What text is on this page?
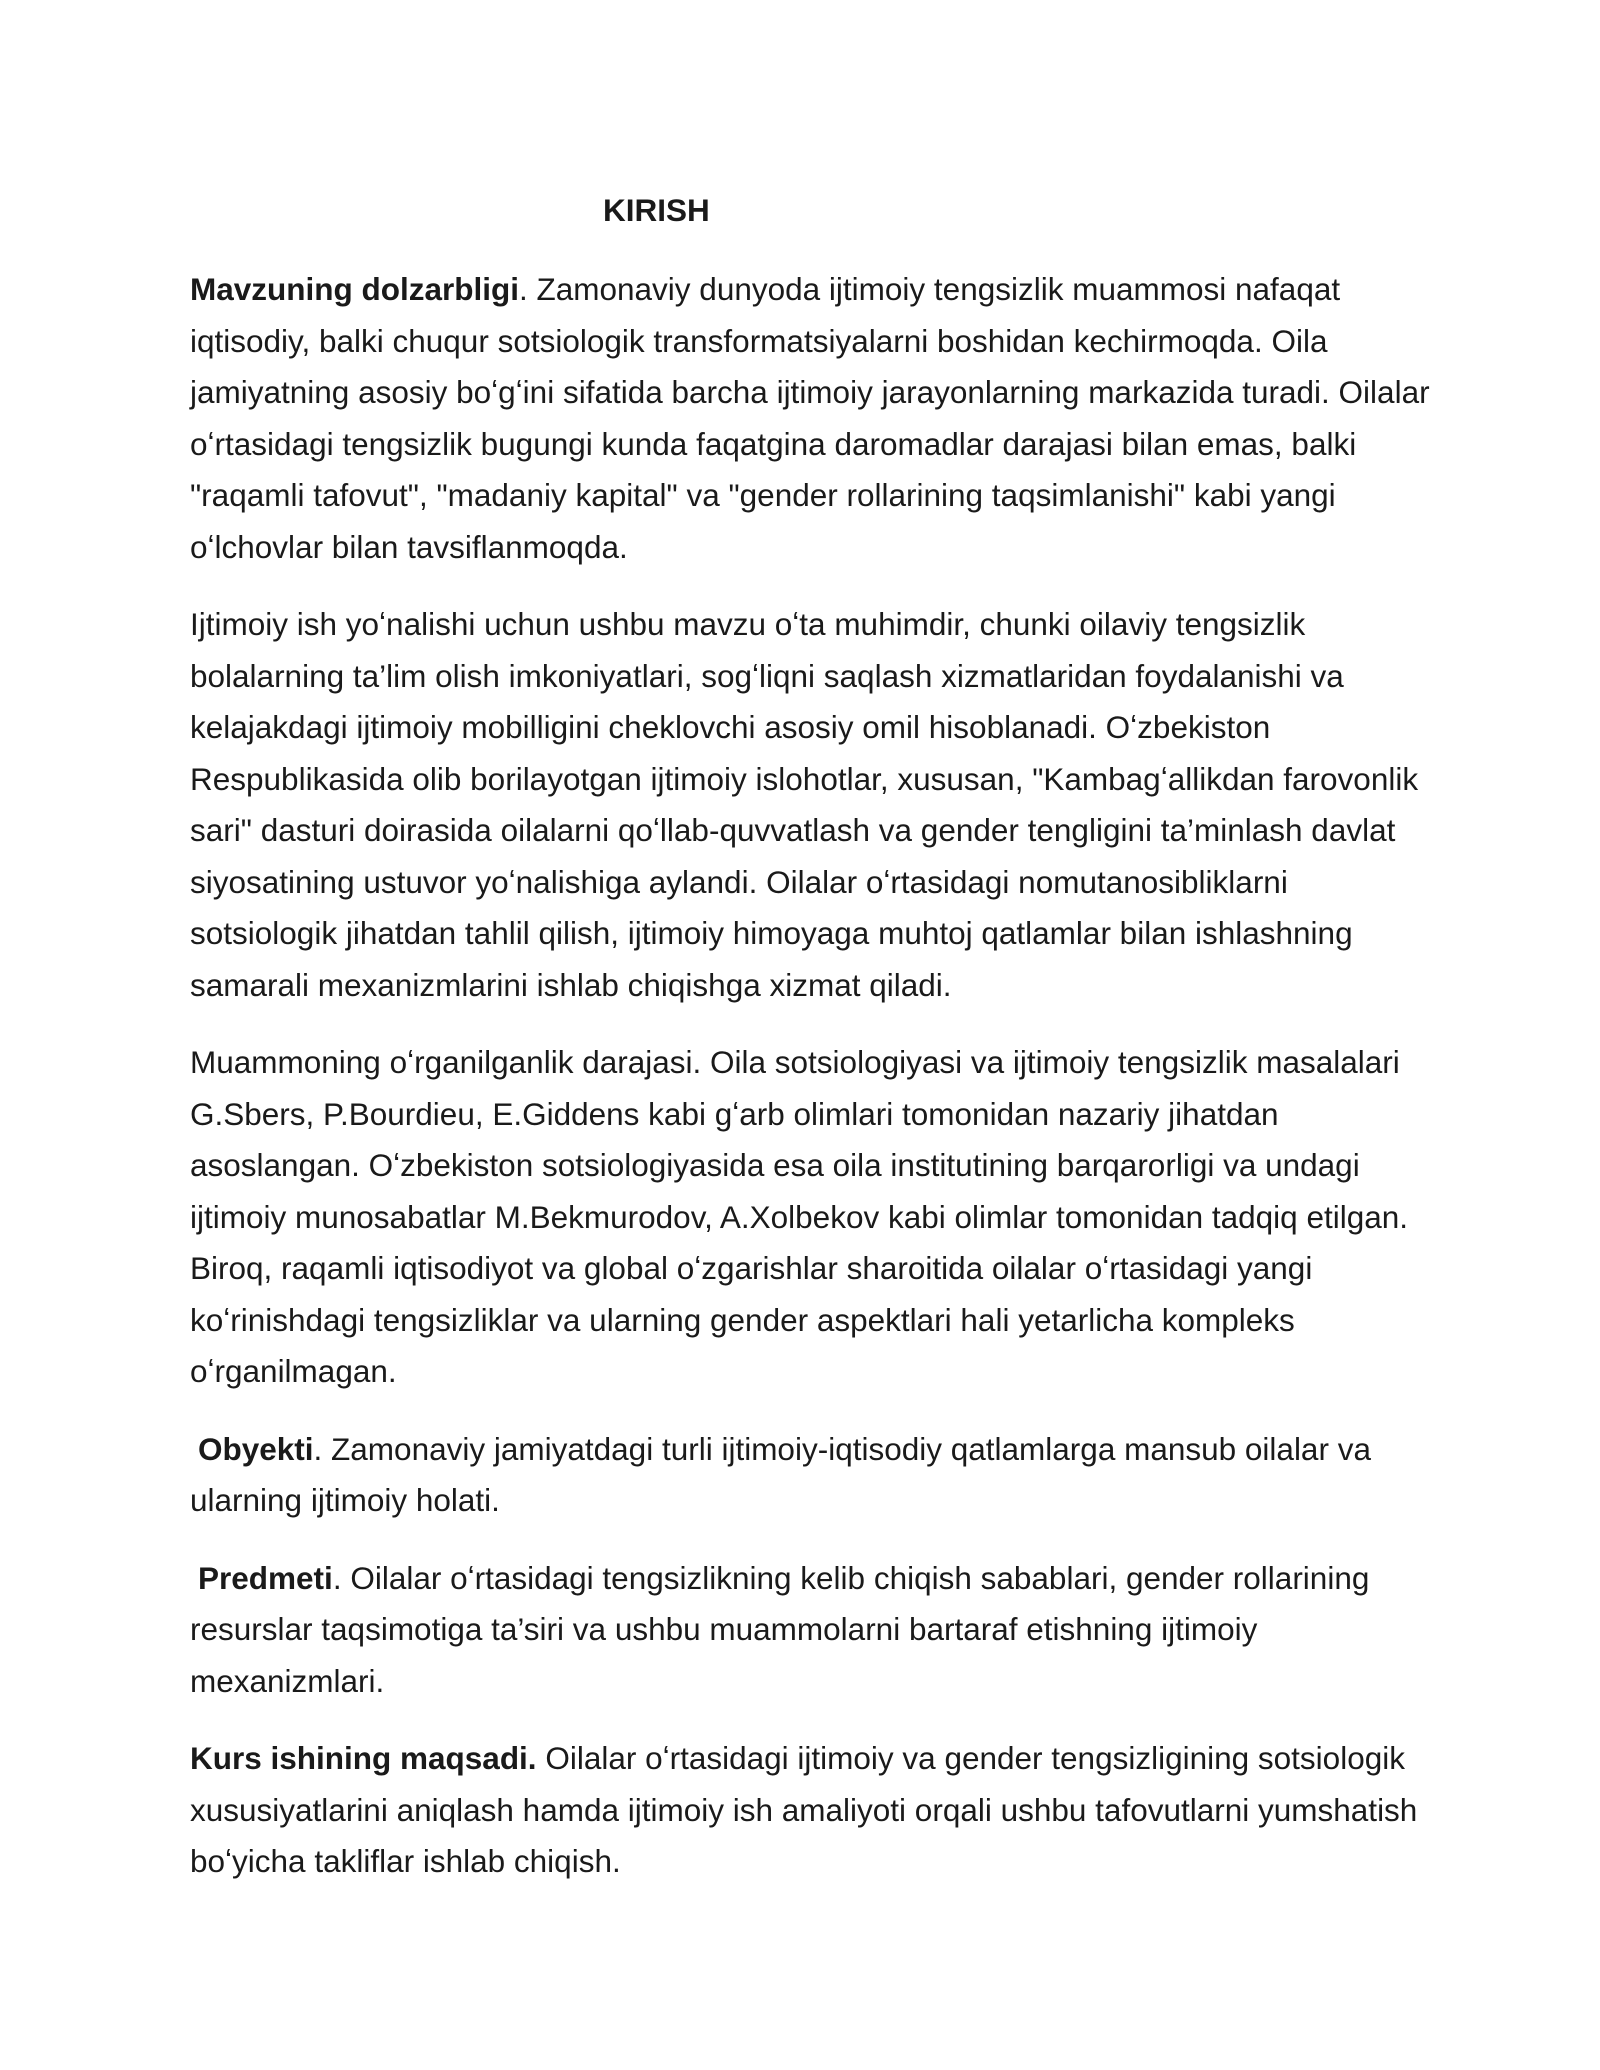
KIRISH

Mavzuning dolzarbligi. Zamonaviy dunyoda ijtimoiy tengsizlik muammosi nafaqat iqtisodiy, balki chuqur sotsiologik transformatsiyalarni boshidan kechirmoqda. Oila jamiyatning asosiy boʻgʻini sifatida barcha ijtimoiy jarayonlarning markazida turadi. Oilalar oʻrtasidagi tengsizlik bugungi kunda faqatgina daromadlar darajasi bilan emas, balki "raqamli tafovut", "madaniy kapital" va "gender rollarining taqsimlanishi" kabi yangi oʻlchovlar bilan tavsiflanmoqda.

Ijtimoiy ish yoʻnalishi uchun ushbu mavzu oʻta muhimdir, chunki oilaviy tengsizlik bolalarning ta’lim olish imkoniyatlari, sogʻliqni saqlash xizmatlaridan foydalanishi va kelajakdagi ijtimoiy mobilligini cheklovchi asosiy omil hisoblanadi. Oʻzbekiston Respublikasida olib borilayotgan ijtimoiy islohotlar, xususan, "Kambagʻallikdan farovonlik sari" dasturi doirasida oilalarni qoʻllab-quvvatlash va gender tengligini ta’minlash davlat siyosatining ustuvor yoʻnalishiga aylandi. Oilalar oʻrtasidagi nomutanosibliklarni sotsiologik jihatdan tahlil qilish, ijtimoiy himoyaga muhtoj qatlamlar bilan ishlashning samarali mexanizmlarini ishlab chiqishga xizmat qiladi.

Muammoning oʻrganilganlik darajasi. Oila sotsiologiyasi va ijtimoiy tengsizlik masalalari G.Sbers, P.Bourdieu, E.Giddens kabi gʻarb olimlari tomonidan nazariy jihatdan asoslangan. Oʻzbekiston sotsiologiyasida esa oila institutining barqarorligi va undagi ijtimoiy munosabatlar M.Bekmurodov, A.Xolbekov kabi olimlar tomonidan tadqiq etilgan. Biroq, raqamli iqtisodiyot va global oʻzgarishlar sharoitida oilalar oʻrtasidagi yangi koʻrinishdagi tengsizliklar va ularning gender aspektlari hali yetarlicha kompleks oʻrganilmagan.

Obyekti. Zamonaviy jamiyatdagi turli ijtimoiy-iqtisodiy qatlamlarga mansub oilalar va ularning ijtimoiy holati.

Predmeti. Oilalar oʻrtasidagi tengsizlikning kelib chiqish sabablari, gender rollarining resurslar taqsimotiga ta’siri va ushbu muammolarni bartaraf etishning ijtimoiy mexanizmlari.

Kurs ishining maqsadi. Oilalar oʻrtasidagi ijtimoiy va gender tengsizligining sotsiologik xususiyatlarini aniqlash hamda ijtimoiy ish amaliyoti orqali ushbu tafovutlarni yumshatish boʻyicha takliflar ishlab chiqish.
